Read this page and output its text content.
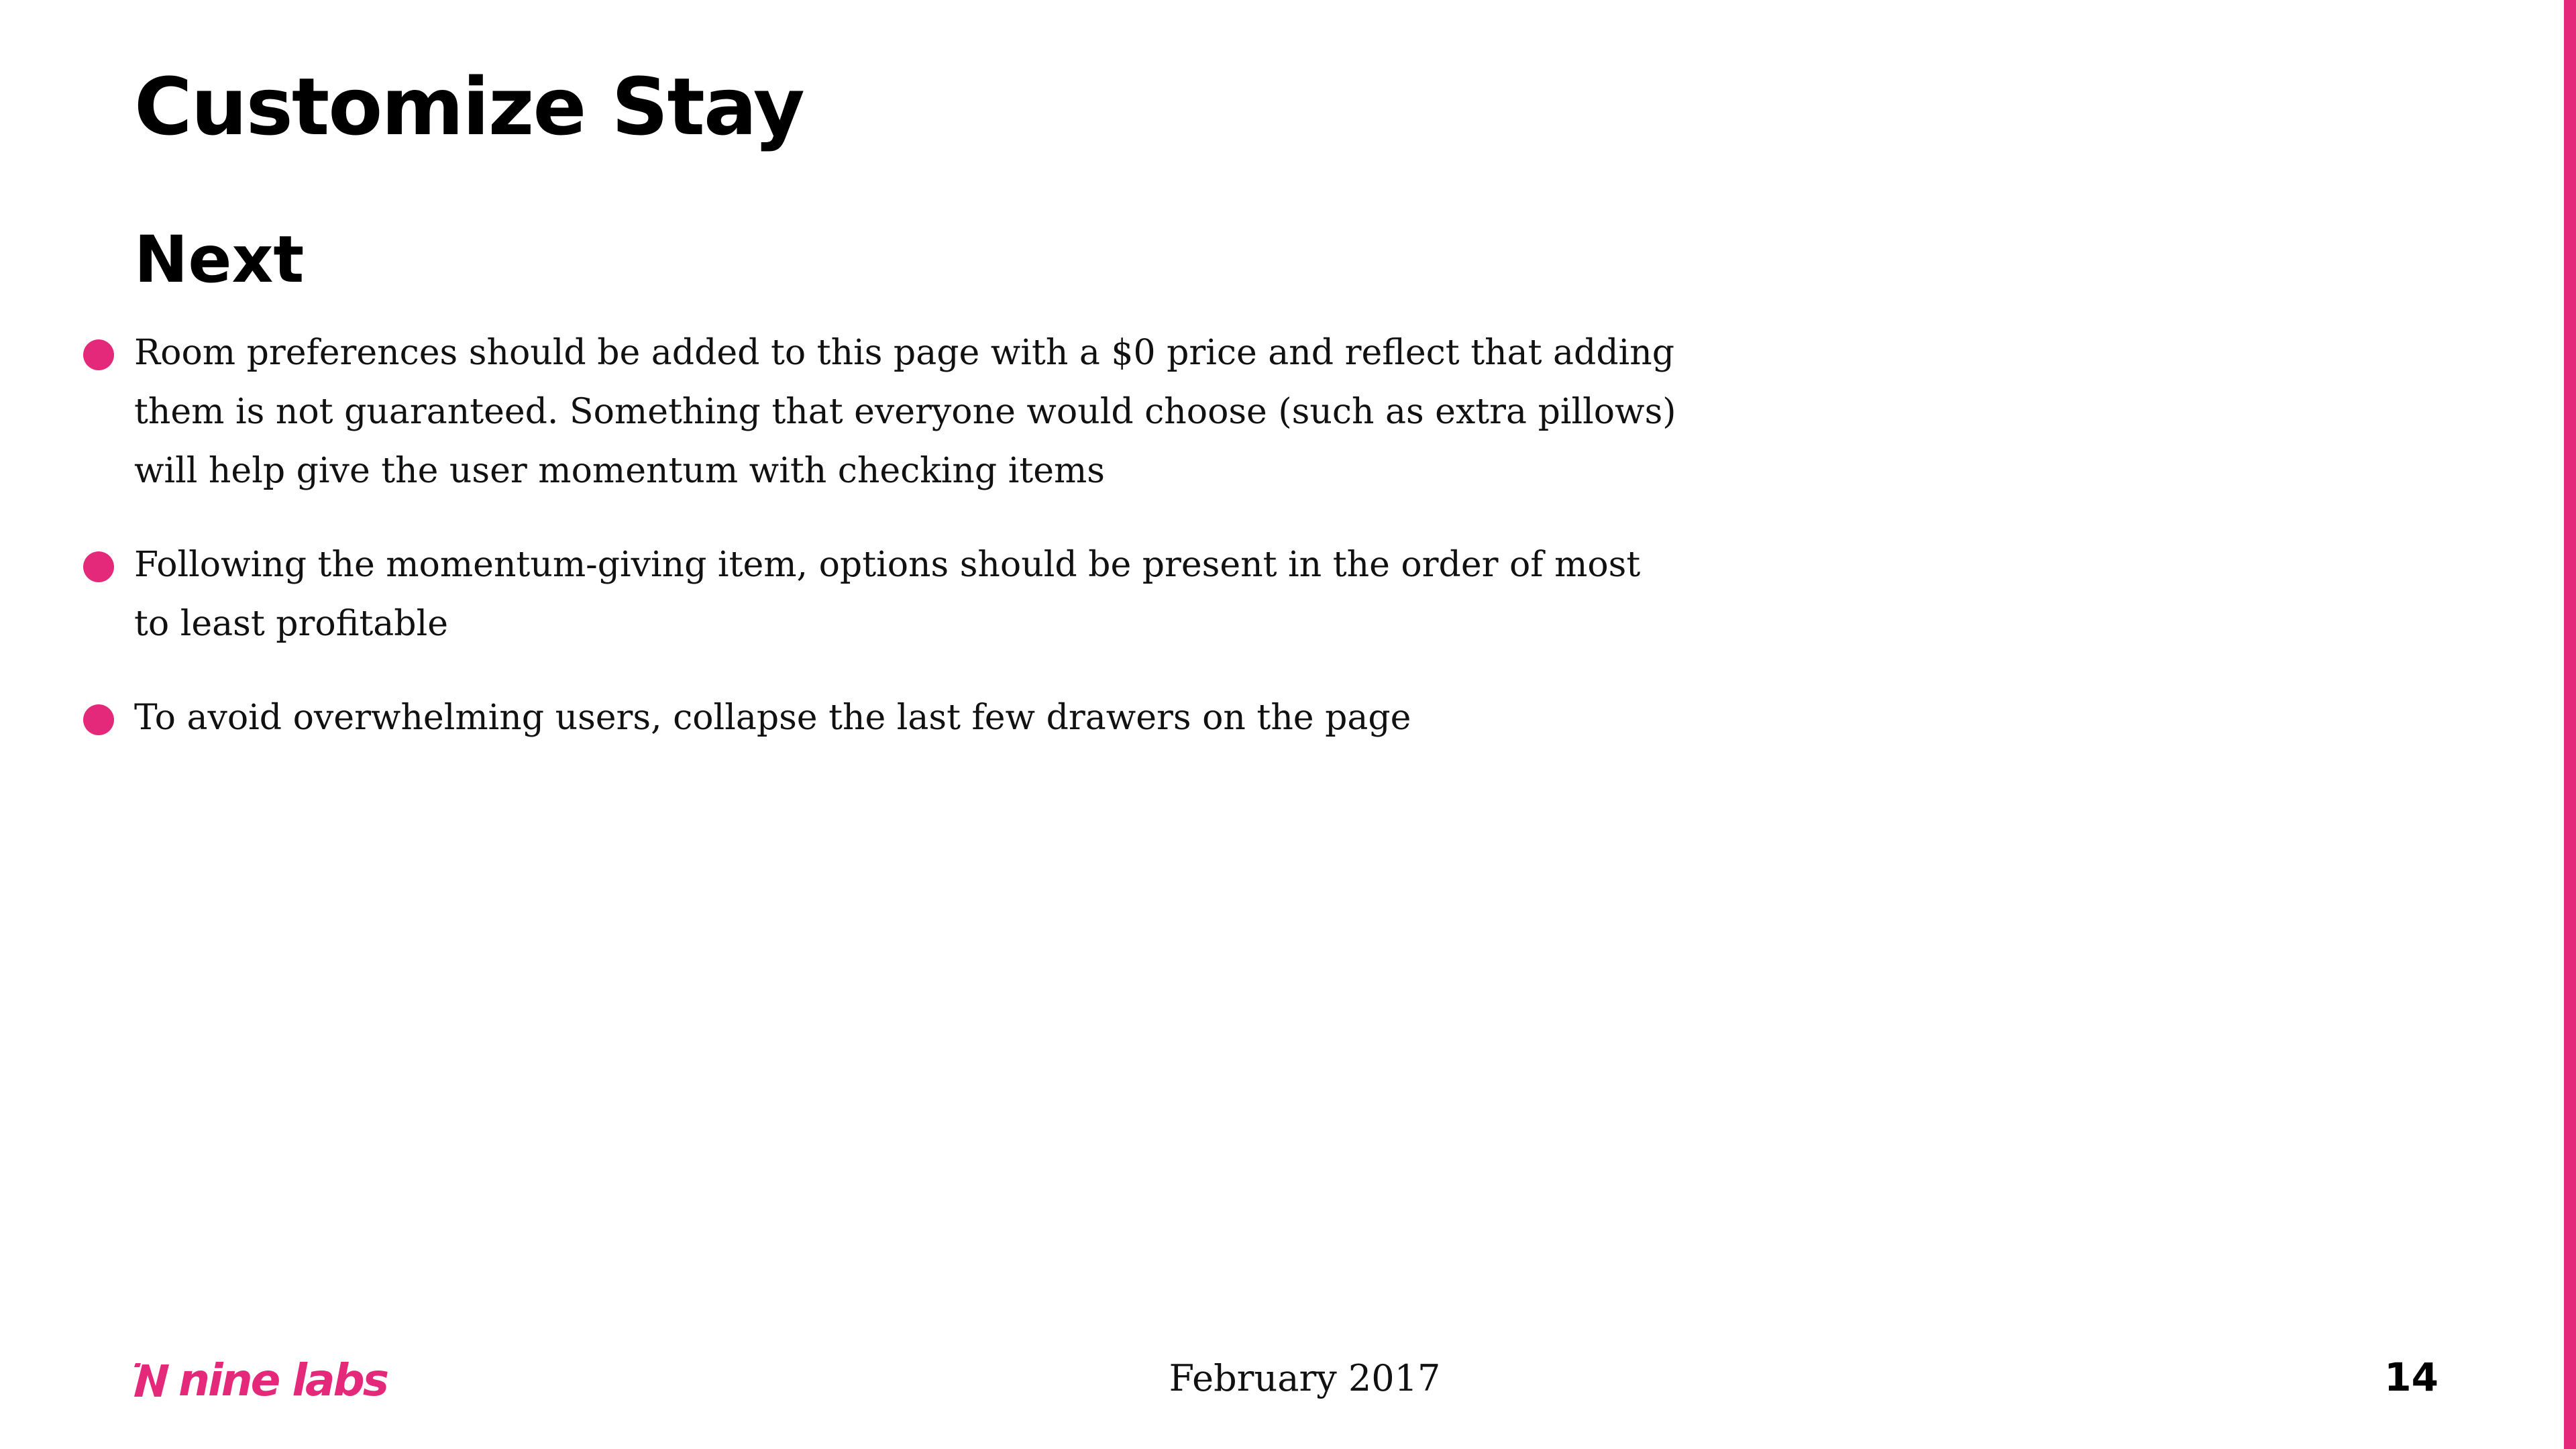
Customize Stay
Next
Room preferences should be added to this page with a $0 price and reflect that adding them is not guaranteed. Something that everyone would choose (such as extra pillows) will help give the user momentum with checking items
Following the momentum-giving item, options should be present in the order of most to least profitable
To avoid overwhelming users, collapse the last few drawers on the page
nine labs	February 2017	14
